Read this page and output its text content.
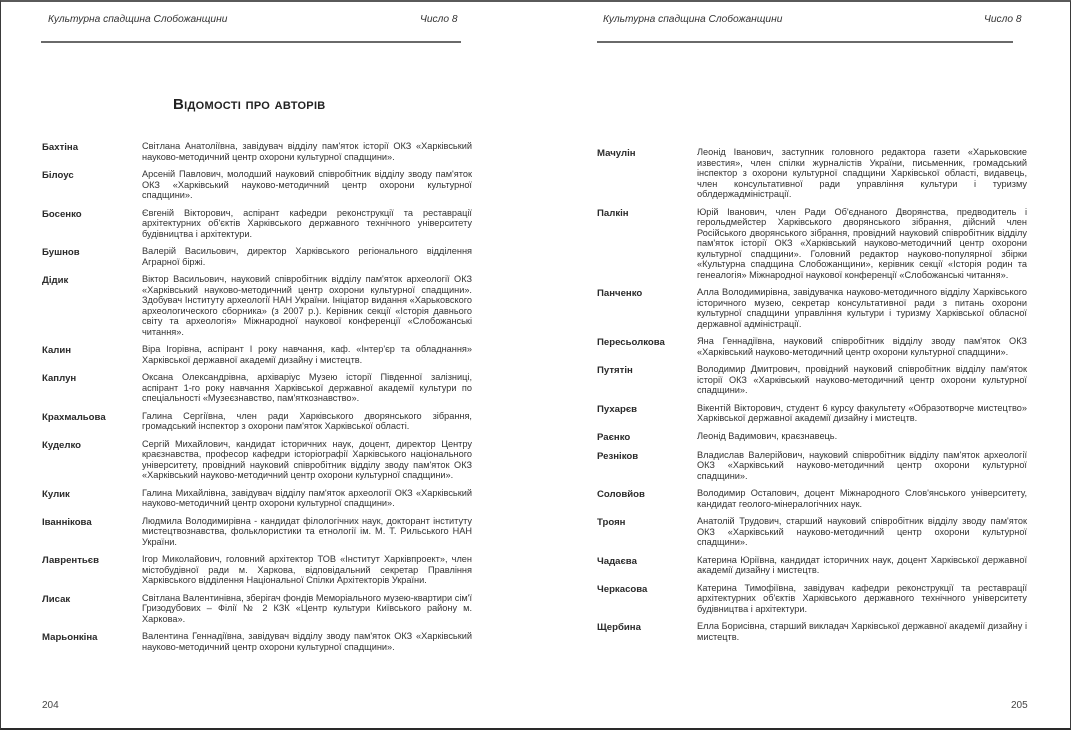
Культурна спадщина Слобожанщини	Число 8
Відомості про авторів
Бахтіна	Світлана Анатоліївна, завідувач відділу пам'яток історії ОКЗ «Харківський науково-методичний центр охорони культурної спадщини».
Білоус	Арсеній Павлович, молодший науковий співробітник відділу зводу пам'яток ОКЗ «Харківський науково-методичний центр охорони культурної спадщини».
Босенко	Євгеній Вікторович, аспірант кафедри реконструкції та реставрації архітектурних об'єктів Харківського державного технічного університету будівництва і архітектури.
Бушнов	Валерій Васильович, директор Харківського регіонального відділення Аграрної біржі.
Дідик	Віктор Васильович, науковий співробітник відділу пам'яток археології ОКЗ «Харківський науково-методичний центр охорони культурної спадщини». Здобувач Інституту археології НАН України. Ініціатор видання «Харьковского археологического сборника» (з 2007 р.). Керівник секції «Історія давнього світу та археологія» Міжнародної наукової конференції «Слобожанські читання».
Калин	Віра Ігорівна, аспірант І року навчання, каф. «Інтер'єр та обладнання» Харківської державної академії дизайну і мистецтв.
Каплун	Оксана Олександрівна, архіваріус Музею історії Південної залізниці, аспірант 1-го року навчання Харківської державної академії культури по спеціальності «Музеєзнавство, пам'яткознавство».
Крахмальова	Галина Сергіївна, член ради Харківського дворянського зібрання, громадський інспектор з охорони пам'яток Харківської області.
Куделко	Сергій Михайлович, кандидат історичних наук, доцент, директор Центру краєзнавства, професор кафедри історіографії Харківського національного університету, провідний науковий співробітник відділу зводу пам'яток ОКЗ «Харківський науково-методичний центр охорони культурної спадщини».
Кулик	Галина Михайлівна, завідувач відділу пам'яток археології ОКЗ «Харківський науково-методичний центр охорони культурної спадщини».
Іваннікова	Людмила Володимирівна - кандидат філологічних наук, докторант інституту мистецтвознавства, фольклористики та етнології ім. М. Т. Рильського НАН України.
Лаврентьєв	Ігор Миколайович, головний архітектор ТОВ «Інститут Харківпроект», член містобудівної ради м. Харкова, відповідальний секретар Правління Харківського відділення Національної Спілки Архітекторів України.
Лисак	Світлана Валентинівна, зберігач фондів Меморіального музею-квартири сім'ї Гризодубових – Філії № 2 КЗК «Центр культури Київського району м. Харкова».
Марьонкіна	Валентина Геннадіївна, завідувач відділу зводу пам'яток ОКЗ «Харківський науково-методичний центр охорони культурної спадщини».
204
Культурна спадщина Слобожанщини	Число 8
Мачулін	Леонід Іванович, заступник головного редактора газети «Харьковские известия», член спілки журналістів України, письменник, громадський інспектор з охорони культурної спадщини Харківської області, видавець, член консультативної ради управління культури і туризму облдержадміністрації.
Палкін	Юрій Іванович, член Ради Об'єднаного Дворянства, предводитель і герольдмейстер Харківського дворянського зібрання, дійсний член Російського дворянського зібрання, провідний науковий співробітник відділу пам'яток історії ОКЗ «Харківський науково-методичний центр охорони культурної спадщини». Головний редактор науково-популярної збірки «Культурна спадщина Слобожанщини», керівник секції «Історія родин та генеалогія» Міжнародної наукової конференції «Слобожанські читання».
Панченко	Алла Володимирівна, завідувачка науково-методичного відділу Харківського історичного музею, секретар консультативної ради з питань охорони культурної спадщини управління культури і туризму Харківської обласної державної адміністрації.
Пересьолкова	Яна Геннадіївна, науковий співробітник відділу зводу пам'яток ОКЗ «Харківський науково-методичний центр охорони культурної спадщини».
Путятін	Володимир Дмитрович, провідний науковий співробітник відділу пам'яток історії ОКЗ «Харківський науково-методичний центр охорони культурної спадщини».
Пухарєв	Вікентій Вікторович, студент 6 курсу факультету «Образотворче мистецтво» Харківської державної академії дизайну і мистецтв.
Раєнко	Леонід Вадимович, краєзнавець.
Резніков	Владислав Валерійович, науковий співробітник відділу пам'яток археології ОКЗ «Харківський науково-методичний центр охорони культурної спадщини».
Соловйов	Володимир Остапович, доцент Міжнародного Слов'янського університету, кандидат геолого-мінералогічних наук.
Троян	Анатолій Трудович, старший науковий співробітник відділу зводу пам'яток ОКЗ «Харківський науково-методичний центр охорони культурної спадщини».
Чадаєва	Катерина Юріївна, кандидат історичних наук, доцент Харківської державної академії дизайну і мистецтв.
Черкасова	Катерина Тимофіївна, завідувач кафедри реконструкції та реставрації архітектурних об'єктів Харківського державного технічного університету будівництва і архітектури.
Щербина	Елла Борисівна, старший викладач Харківської державної академії дизайну і мистецтв.
205
